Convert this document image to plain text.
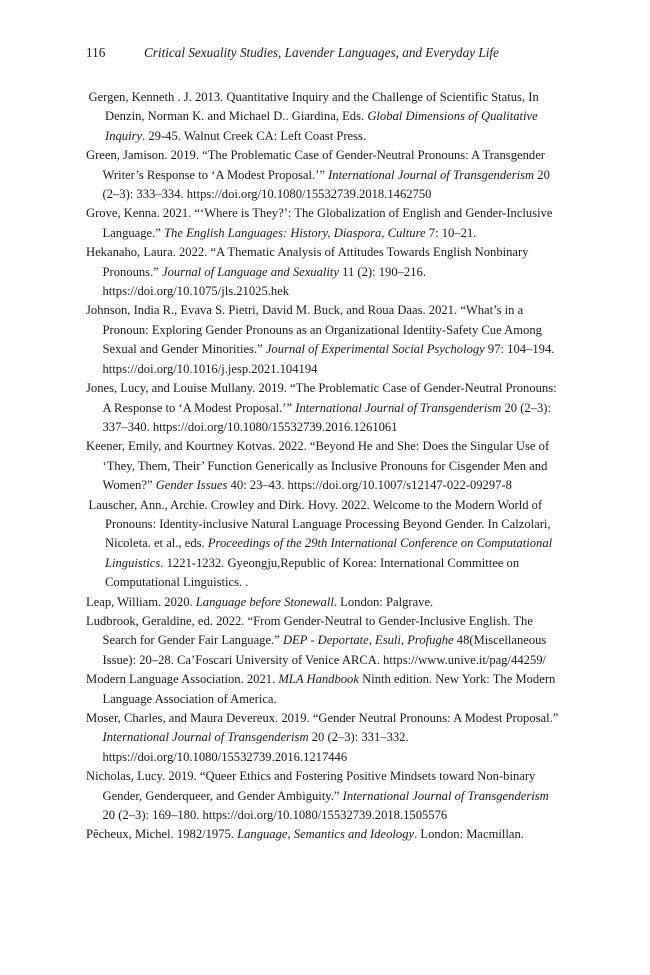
116	Critical Sexuality Studies, Lavender Languages, and Everyday Life

Gergen, Kenneth . J. 2013. Quantitative Inquiry and the Challenge of Scientific Status, In Denzin, Norman K. and Michael D.. Giardina, Eds. Global Dimensions of Qualitative Inquiry. 29-45. Walnut Creek CA: Left Coast Press.

Green, Jamison. 2019. “The Problematic Case of Gender-Neutral Pronouns: A Transgender Writer’s Response to ‘A Modest Proposal.’” International Journal of Transgenderism 20 (2–3): 333–334. https://doi.org/10.1080/15532739.2018.1462750

Grove, Kenna. 2021. “‘Where is They?’: The Globalization of English and Gender-Inclusive Language.” The English Languages: History, Diaspora, Culture 7: 10–21.

Hekanaho, Laura. 2022. “A Thematic Analysis of Attitudes Towards English Nonbinary Pronouns.” Journal of Language and Sexuality 11 (2): 190–216. https://doi.org/10.1075/jls.21025.hek

Johnson, India R., Evava S. Pietri, David M. Buck, and Roua Daas. 2021. “What’s in a Pronoun: Exploring Gender Pronouns as an Organizational Identity-Safety Cue Among Sexual and Gender Minorities.” Journal of Experimental Social Psychology 97: 104–194. https://doi.org/10.1016/j.jesp.2021.104194

Jones, Lucy, and Louise Mullany. 2019. “The Problematic Case of Gender-Neutral Pronouns: A Response to ‘A Modest Proposal.’” International Journal of Transgenderism 20 (2–3): 337–340. https://doi.org/10.1080/15532739.2016.1261061

Keener, Emily, and Kourtney Kotvas. 2022. “Beyond He and She: Does the Singular Use of ‘They, Them, Their’ Function Generically as Inclusive Pronouns for Cisgender Men and Women?” Gender Issues 40: 23–43. https://doi.org/10.1007/s12147-022-09297-8

Lauscher, Ann., Archie. Crowley and Dirk. Hovy. 2022. Welcome to the Modern World of Pronouns: Identity-inclusive Natural Language Processing Beyond Gender. In Calzolari, Nicoleta. et al., eds. Proceedings of the 29th International Conference on Computational Linguistics. 1221-1232. Gyeongju,Republic of Korea: International Committee on Computational Linguistics. .

Leap, William. 2020. Language before Stonewall. London: Palgrave.

Ludbrook, Geraldine, ed. 2022. “From Gender-Neutral to Gender-Inclusive English. The Search for Gender Fair Language.” DEP - Deportate, Esuli, Profughe 48(Miscellaneous Issue): 20–28. Ca’Foscari University of Venice ARCA. https://www.unive.it/pag/44259/

Modern Language Association. 2021. MLA Handbook Ninth edition. New York: The Modern Language Association of America.

Moser, Charles, and Maura Devereux. 2019. “Gender Neutral Pronouns: A Modest Proposal.” International Journal of Transgenderism 20 (2–3): 331–332. https://doi.org/10.1080/15532739.2016.1217446

Nicholas, Lucy. 2019. “Queer Ethics and Fostering Positive Mindsets toward Non-binary Gender, Genderqueer, and Gender Ambiguity.” International Journal of Transgenderism 20 (2–3): 169–180. https://doi.org/10.1080/15532739.2018.1505576

Pêcheux, Michel. 1982/1975. Language, Semantics and Ideology. London: Macmillan.
